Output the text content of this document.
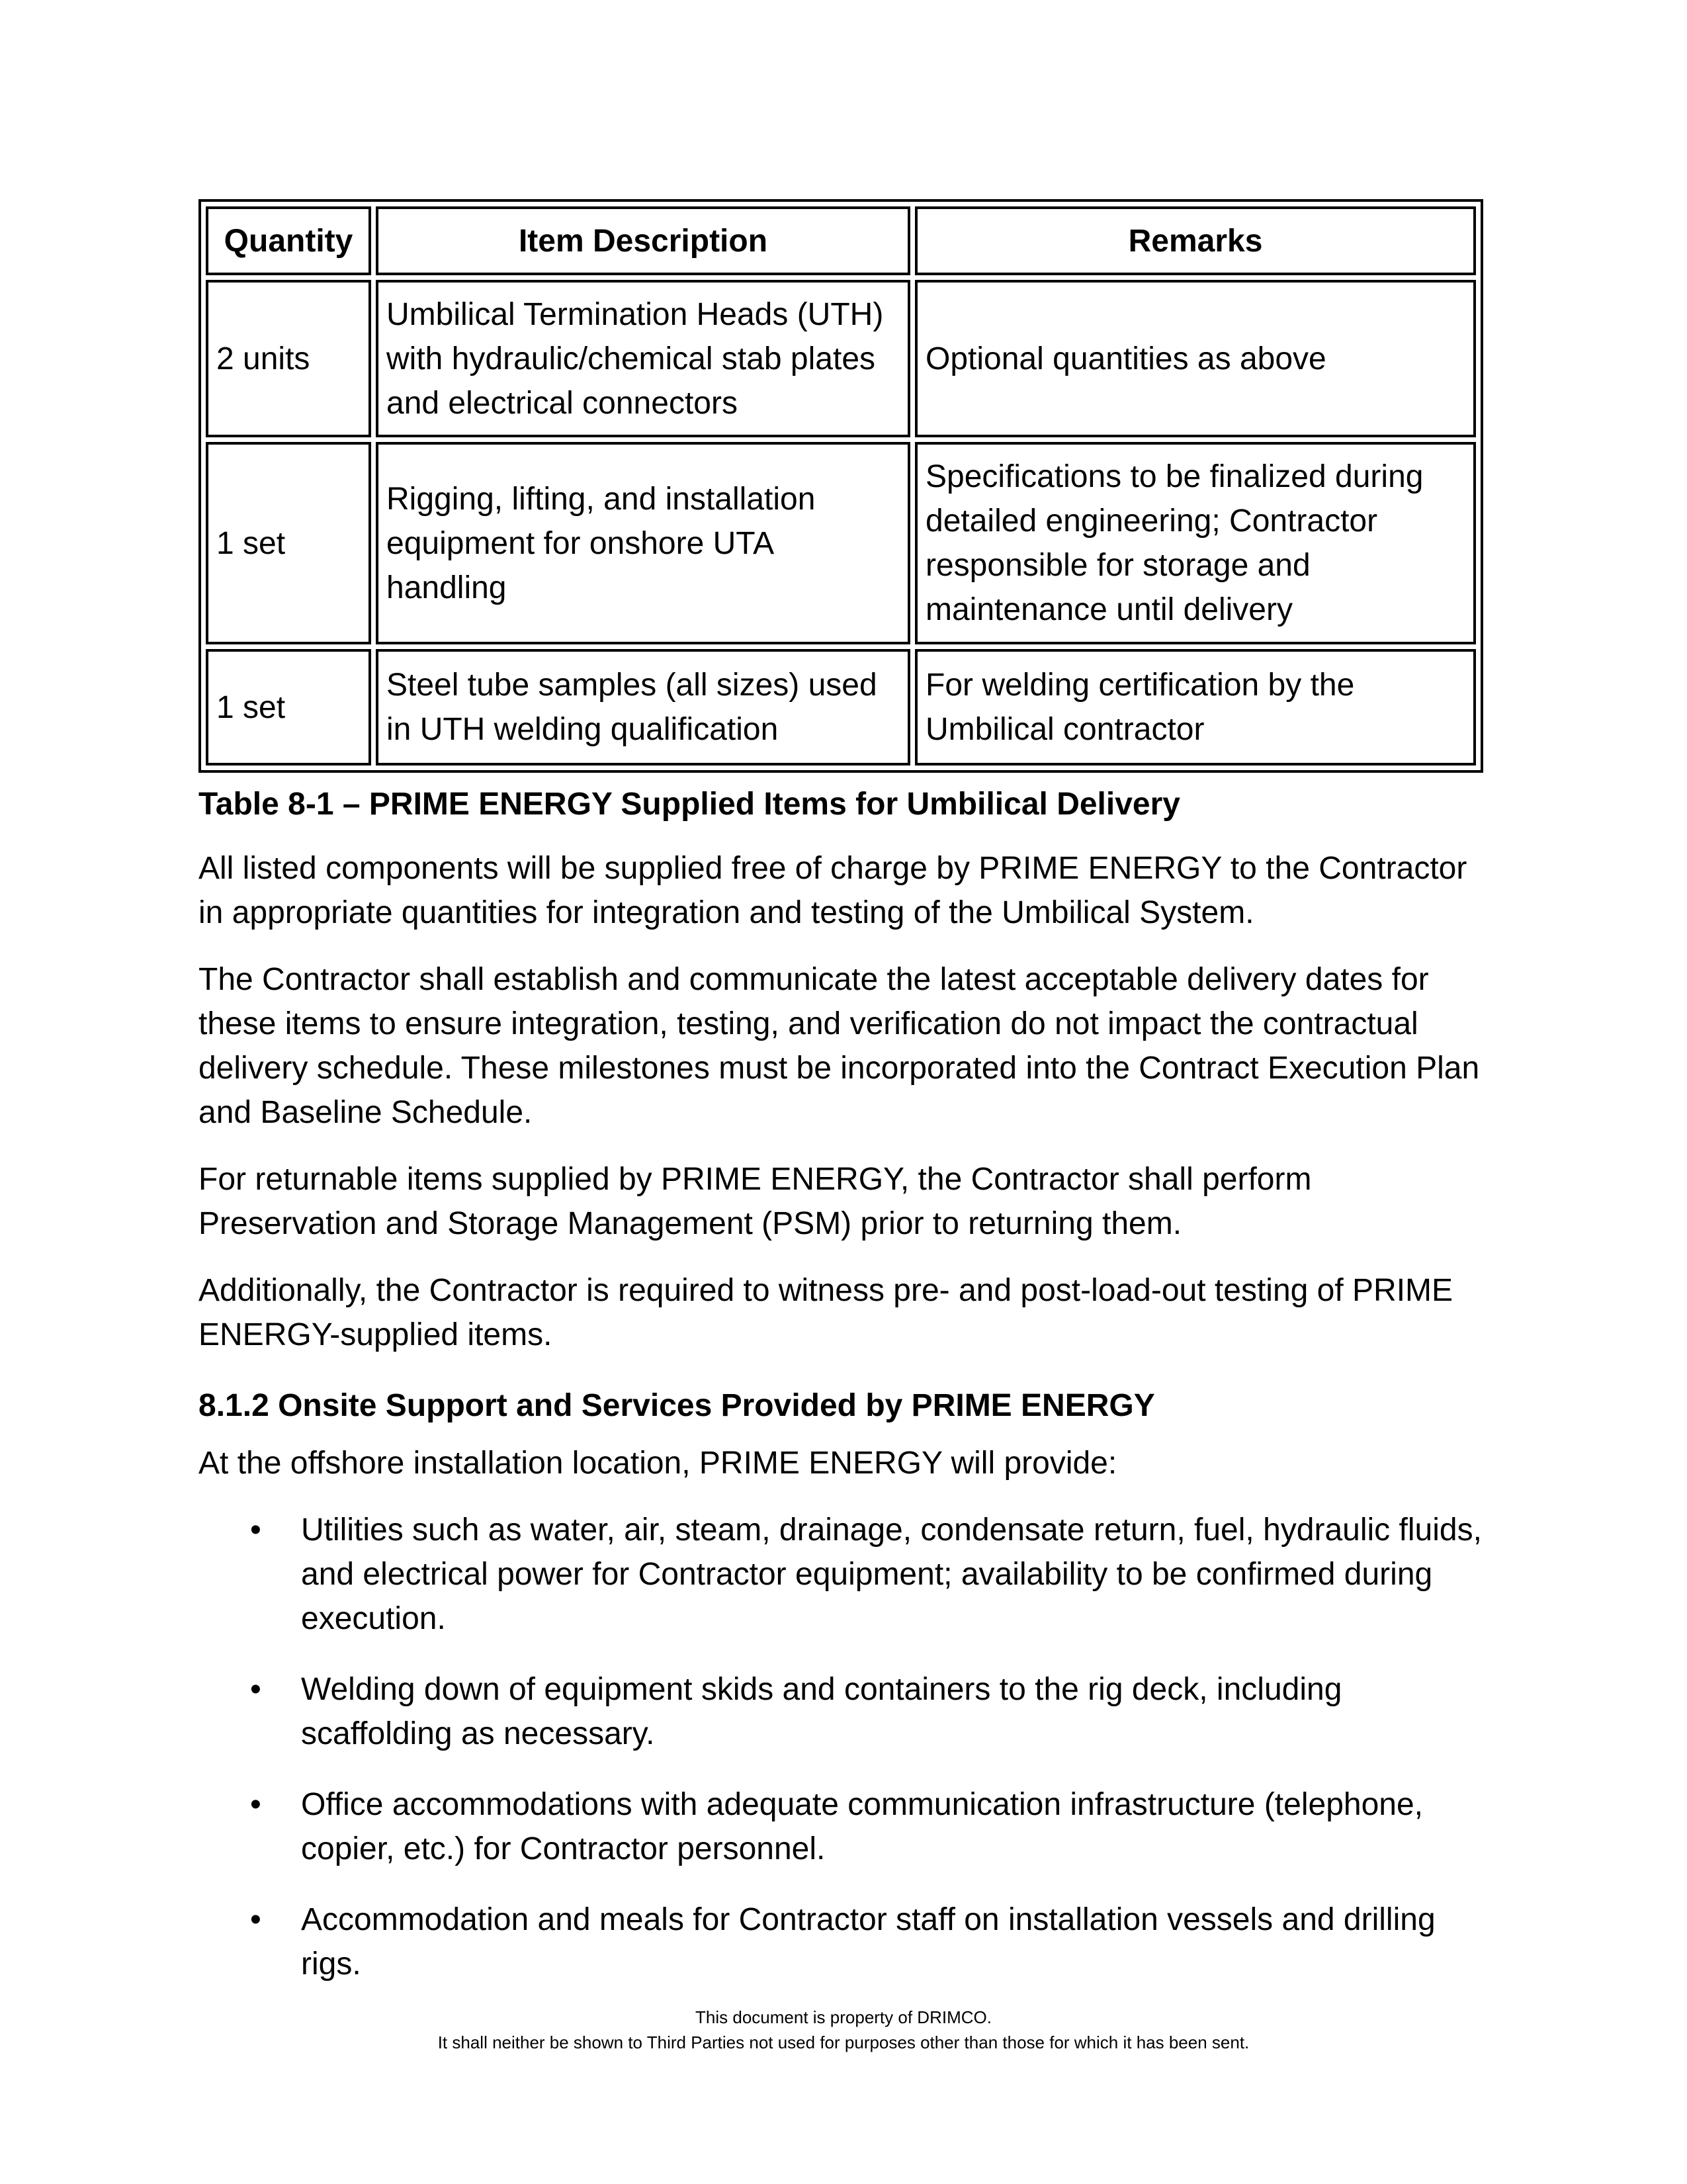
Quantity	Item Description	Remarks
2 units	Umbilical Termination Heads (UTH) with hydraulic/chemical stab plates and electrical connectors	Optional quantities as above
1 set	Rigging, lifting, and installation equipment for onshore UTA handling	Specifications to be finalized during detailed engineering; Contractor responsible for storage and maintenance until delivery
1 set	Steel tube samples (all sizes) used in UTH welding qualification	For welding certification by the Umbilical contractor
Table 8-1 – PRIME ENERGY Supplied Items for Umbilical Delivery

All listed components will be supplied free of charge by PRIME ENERGY to the Contractor in appropriate quantities for integration and testing of the Umbilical System.

The Contractor shall establish and communicate the latest acceptable delivery dates for these items to ensure integration, testing, and verification do not impact the contractual delivery schedule. These milestones must be incorporated into the Contract Execution Plan and Baseline Schedule.

For returnable items supplied by PRIME ENERGY, the Contractor shall perform Preservation and Storage Management (PSM) prior to returning them.

Additionally, the Contractor is required to witness pre- and post-load-out testing of PRIME ENERGY-supplied items.

8.1.2 Onsite Support and Services Provided by PRIME ENERGY

At the offshore installation location, PRIME ENERGY will provide:

• Utilities such as water, air, steam, drainage, condensate return, fuel, hydraulic fluids, and electrical power for Contractor equipment; availability to be confirmed during execution.
• Welding down of equipment skids and containers to the rig deck, including scaffolding as necessary.
• Office accommodations with adequate communication infrastructure (telephone, copier, etc.) for Contractor personnel.
• Accommodation and meals for Contractor staff on installation vessels and drilling rigs.
This document is property of DRIMCO.
It shall neither be shown to Third Parties not used for purposes other than those for which it has been sent.
